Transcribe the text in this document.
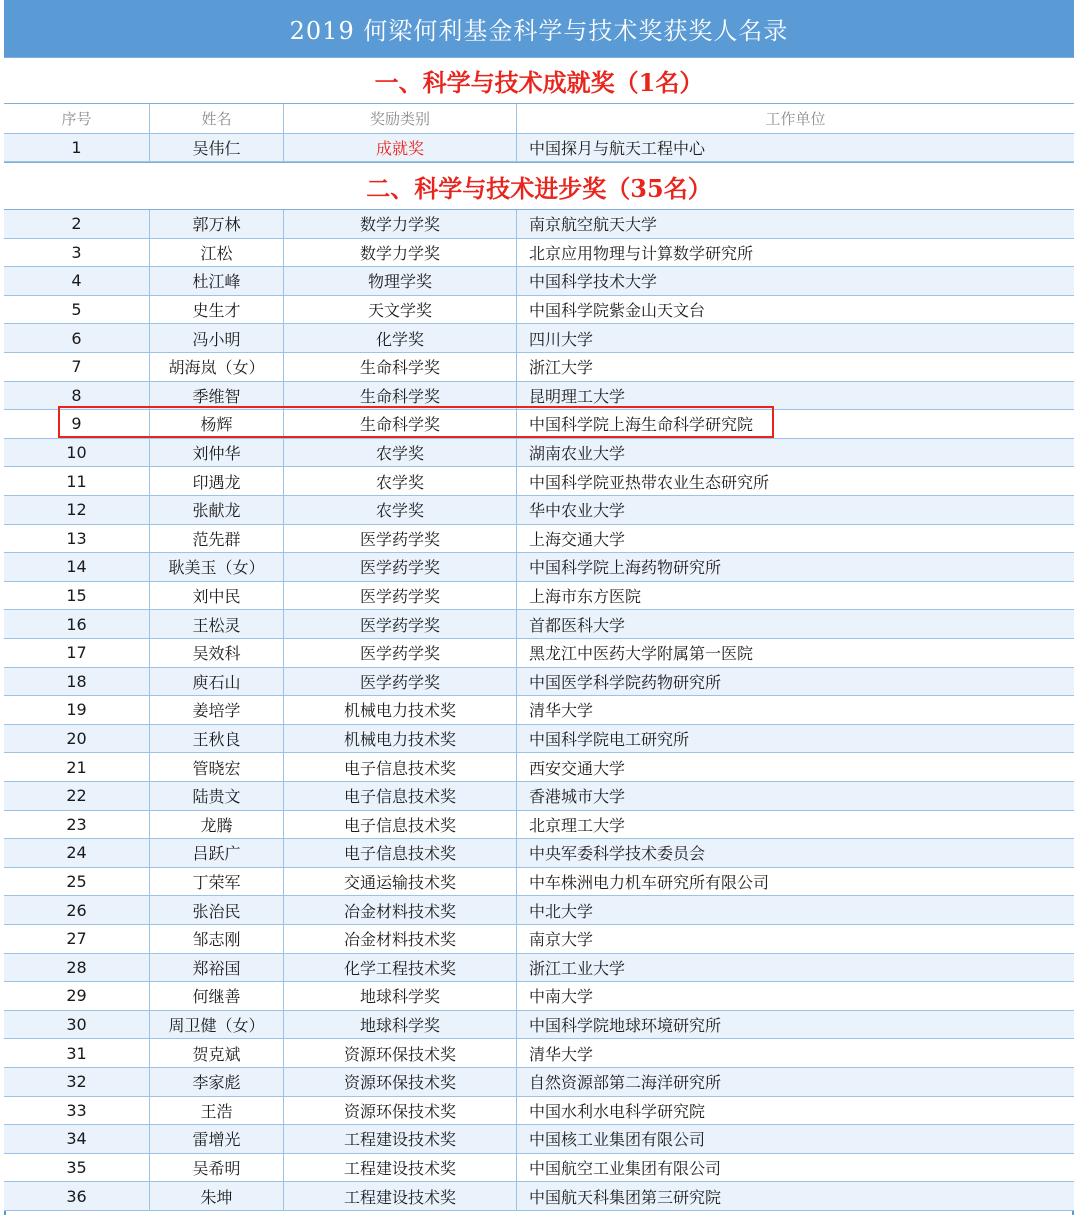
2019 何梁何利基金科学与技术奖获奖人名录
一、科学与技术成就奖（1名）
序号	姓名	奖励类别	工作单位
1	吴伟仁	成就奖	中国探月与航天工程中心
二、科学与技术进步奖（35名）
2	郭万林	数学力学奖	南京航空航天大学
3	江松	数学力学奖	北京应用物理与计算数学研究所
4	杜江峰	物理学奖	中国科学技术大学
5	史生才	天文学奖	中国科学院紫金山天文台
6	冯小明	化学奖	四川大学
7	胡海岚（女）	生命科学奖	浙江大学
8	季维智	生命科学奖	昆明理工大学
9	杨辉	生命科学奖	中国科学院上海生命科学研究院
10	刘仲华	农学奖	湖南农业大学
11	印遇龙	农学奖	中国科学院亚热带农业生态研究所
12	张献龙	农学奖	华中农业大学
13	范先群	医学药学奖	上海交通大学
14	耿美玉（女）	医学药学奖	中国科学院上海药物研究所
15	刘中民	医学药学奖	上海市东方医院
16	王松灵	医学药学奖	首都医科大学
17	吴效科	医学药学奖	黑龙江中医药大学附属第一医院
18	庾石山	医学药学奖	中国医学科学院药物研究所
19	姜培学	机械电力技术奖	清华大学
20	王秋良	机械电力技术奖	中国科学院电工研究所
21	管晓宏	电子信息技术奖	西安交通大学
22	陆贵文	电子信息技术奖	香港城市大学
23	龙腾	电子信息技术奖	北京理工大学
24	吕跃广	电子信息技术奖	中央军委科学技术委员会
25	丁荣军	交通运输技术奖	中车株洲电力机车研究所有限公司
26	张治民	冶金材料技术奖	中北大学
27	邹志刚	冶金材料技术奖	南京大学
28	郑裕国	化学工程技术奖	浙江工业大学
29	何继善	地球科学奖	中南大学
30	周卫健（女）	地球科学奖	中国科学院地球环境研究所
31	贺克斌	资源环保技术奖	清华大学
32	李家彪	资源环保技术奖	自然资源部第二海洋研究所
33	王浩	资源环保技术奖	中国水利水电科学研究院
34	雷增光	工程建设技术奖	中国核工业集团有限公司
35	吴希明	工程建设技术奖	中国航空工业集团有限公司
36	朱坤	工程建设技术奖	中国航天科集团第三研究院
